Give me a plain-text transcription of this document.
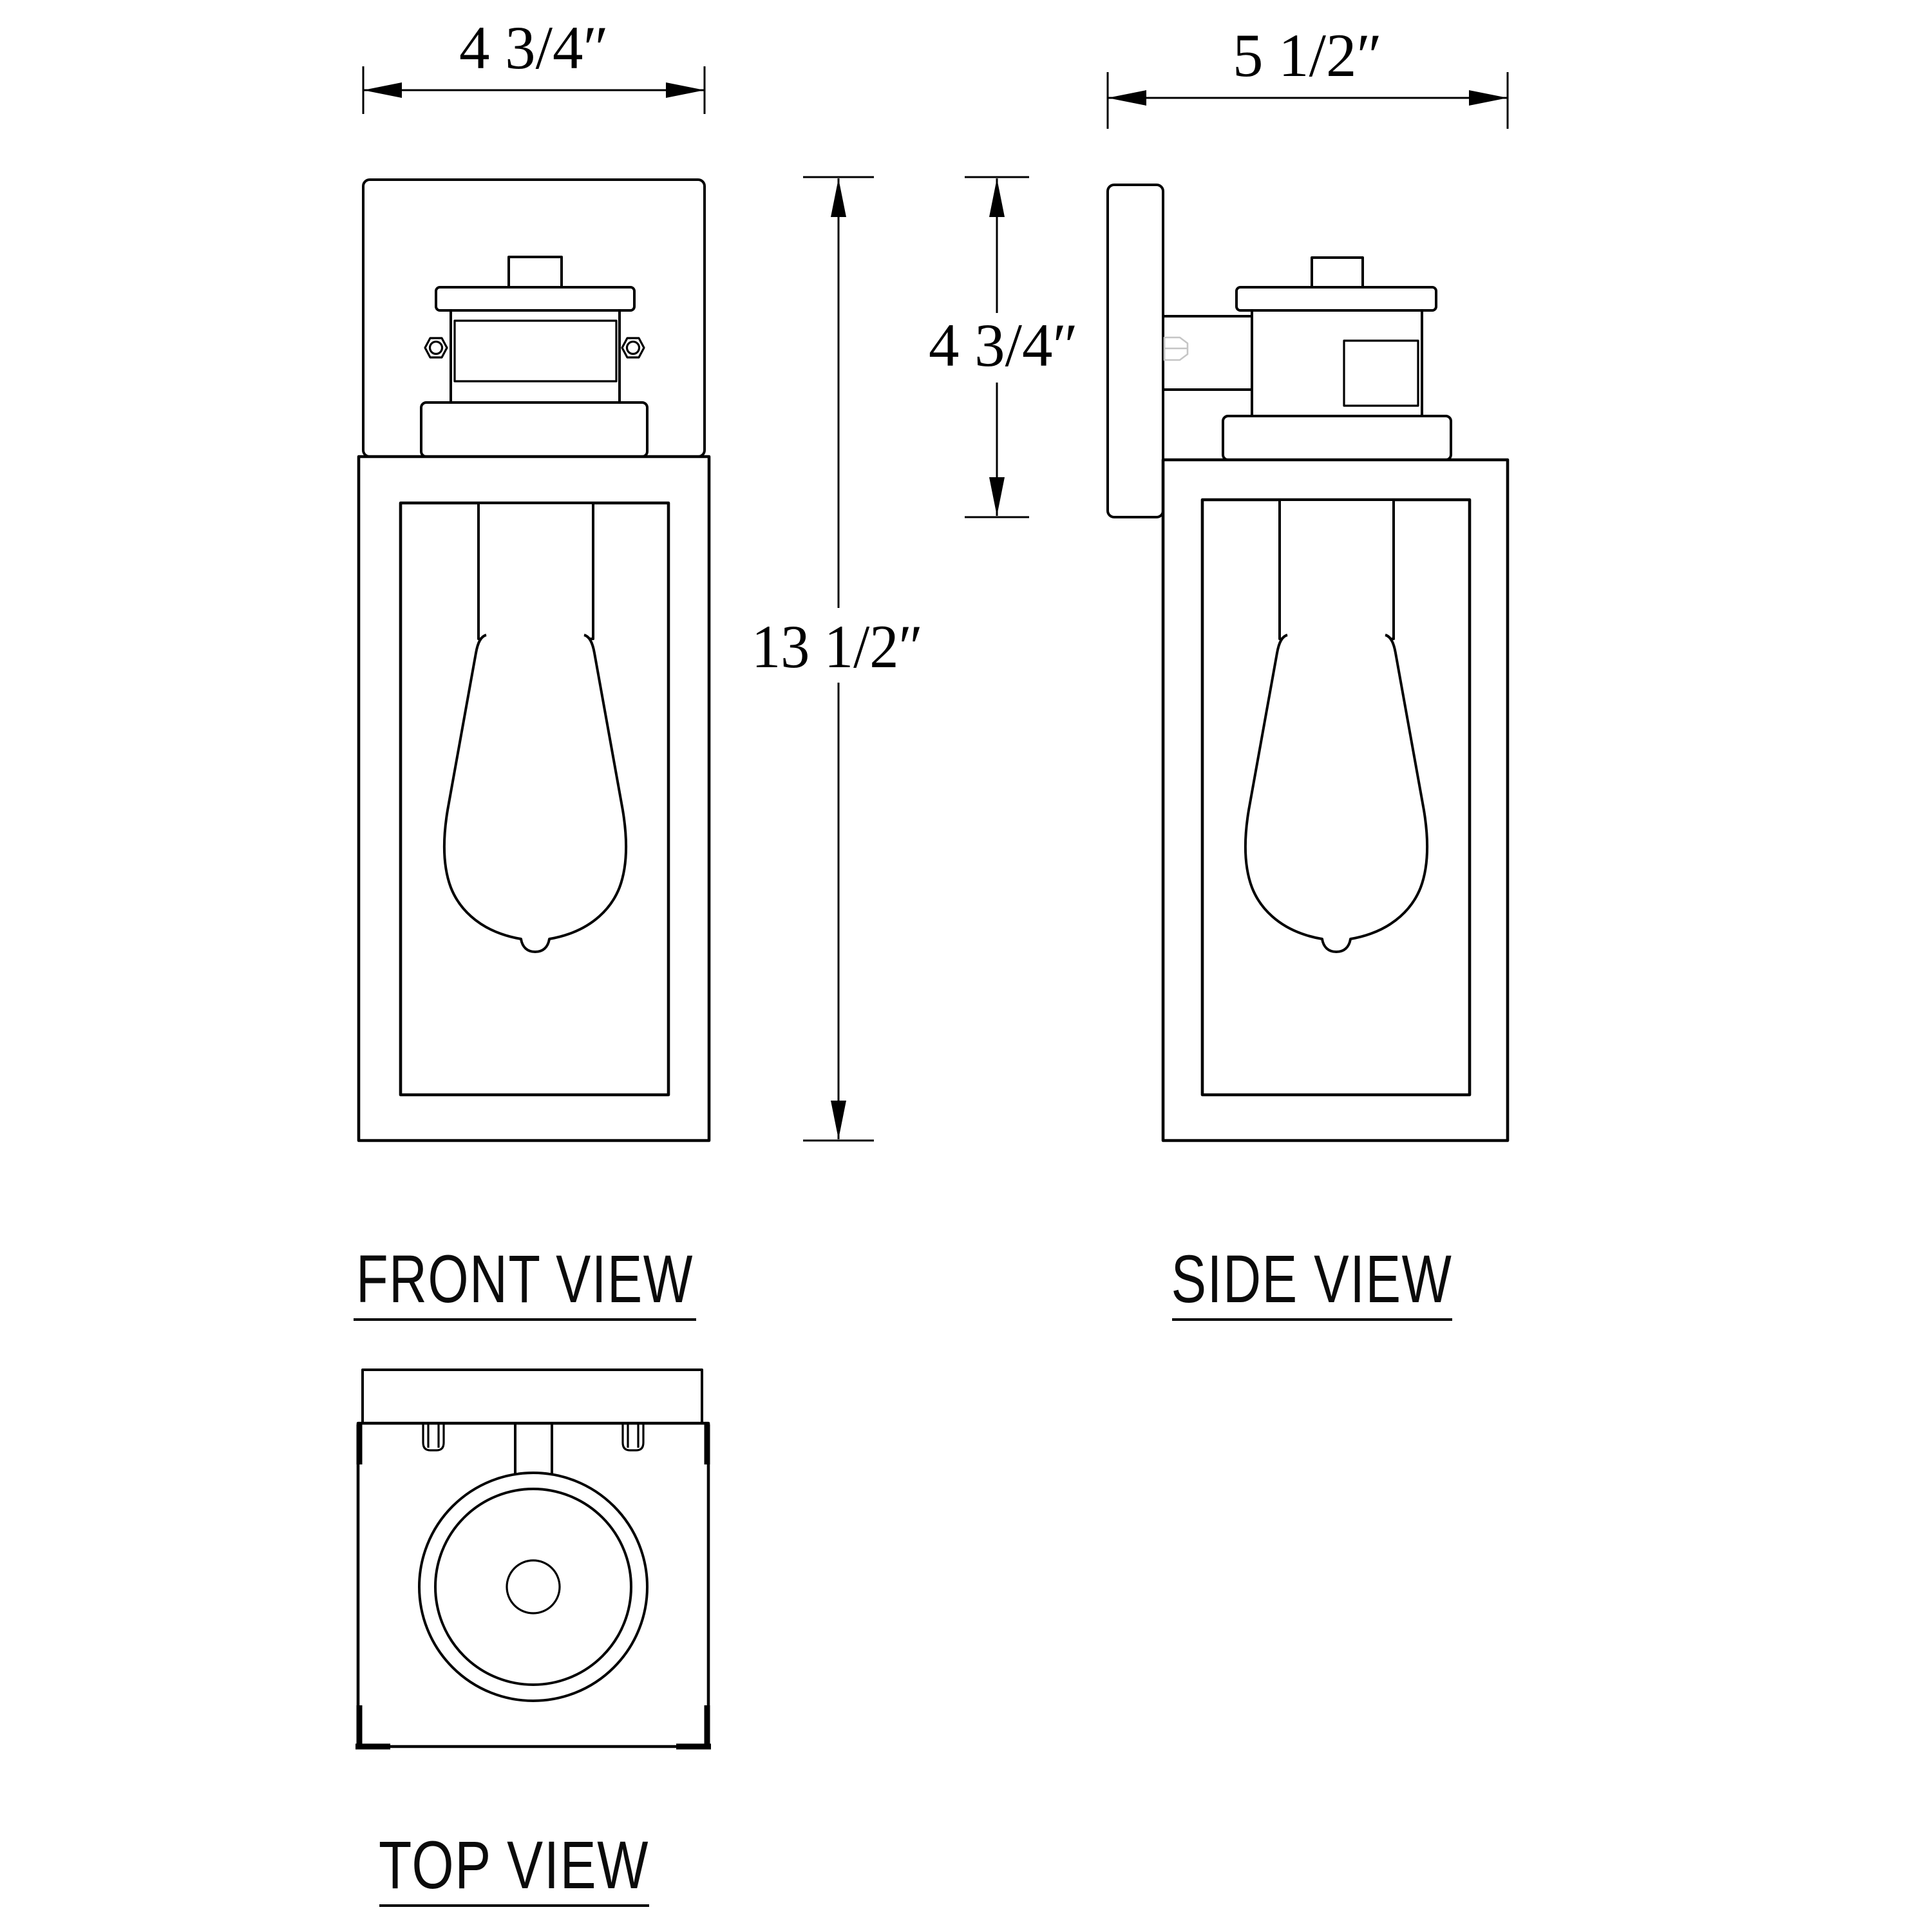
4 3/4″	5 1/2″
13 1/2″
4 3/4″
FRONT VIEW	SIDE VIEW
TOP VIEW
